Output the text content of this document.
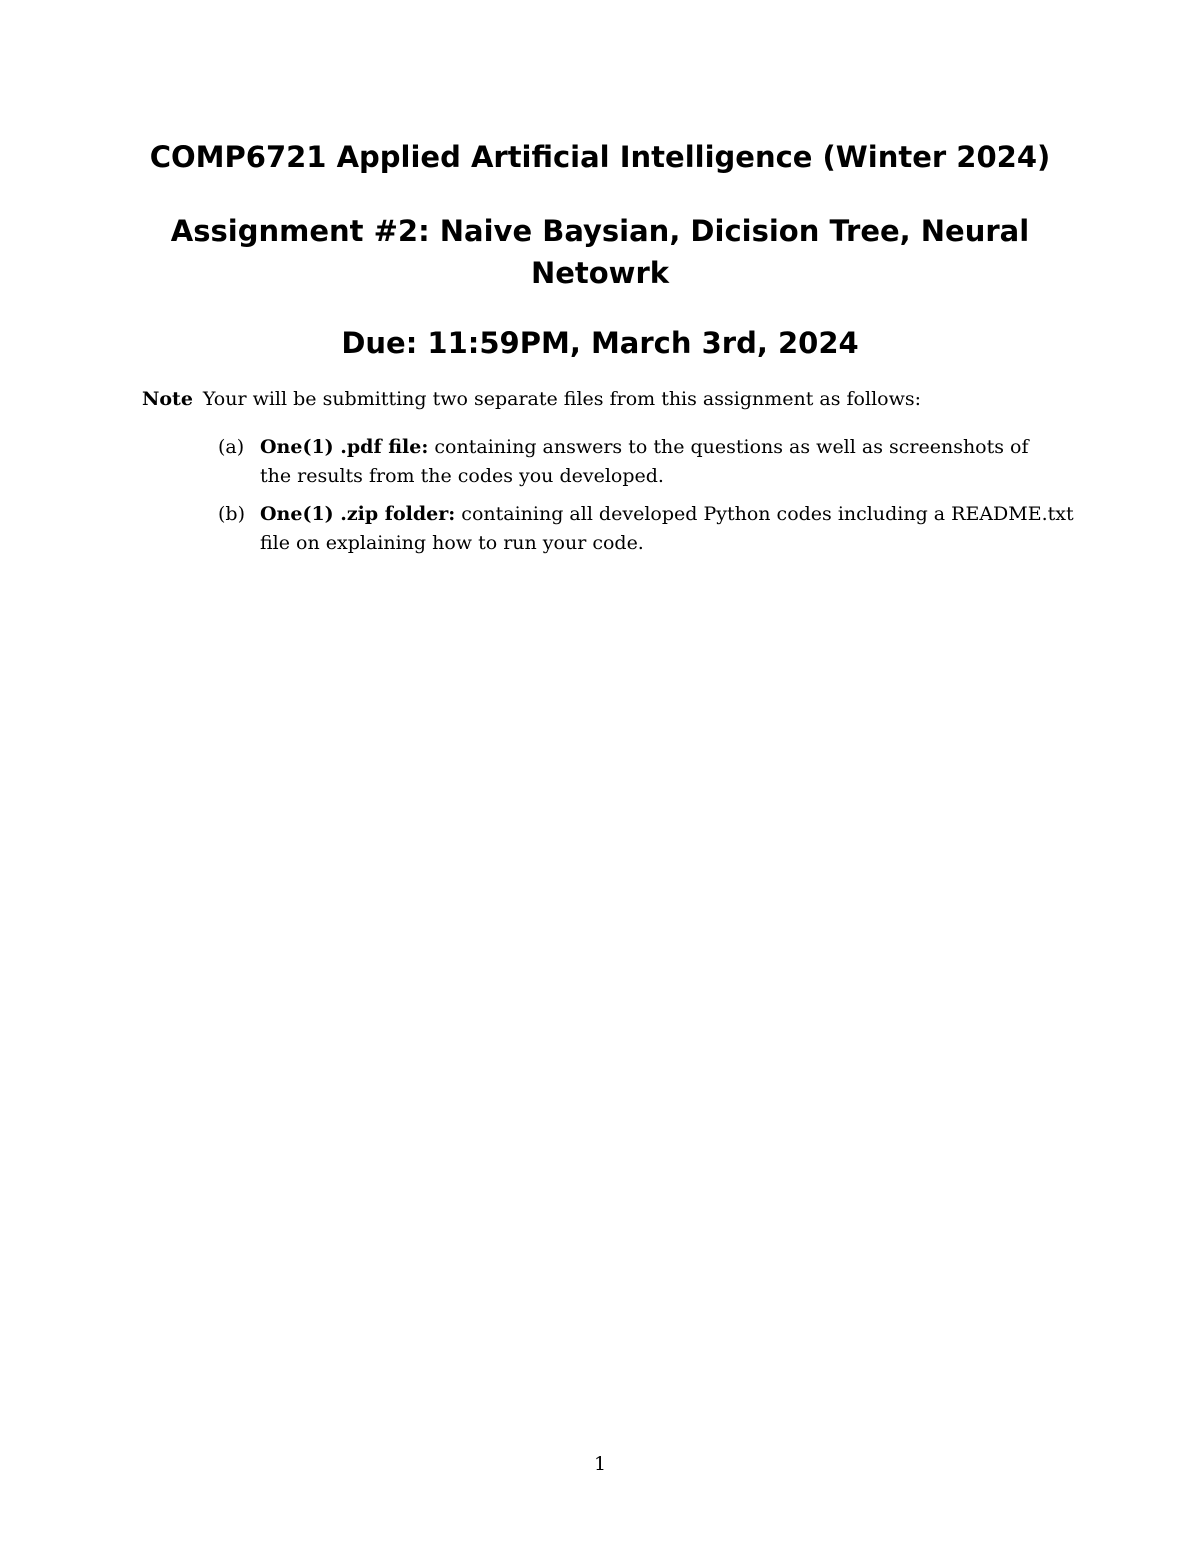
COMP6721 Applied Artificial Intelligence (Winter 2024)
Assignment #2: Naive Baysian, Dicision Tree, Neural
Netowrk
Due: 11:59PM, March 3rd, 2024
Note Your will be submitting two separate files from this assignment as follows:
(a) One(1) .pdf file: containing answers to the questions as well as screenshots of
the results from the codes you developed.
(b) One(1) .zip folder: containing all developed Python codes including a README.txt
file on explaining how to run your code.
1
